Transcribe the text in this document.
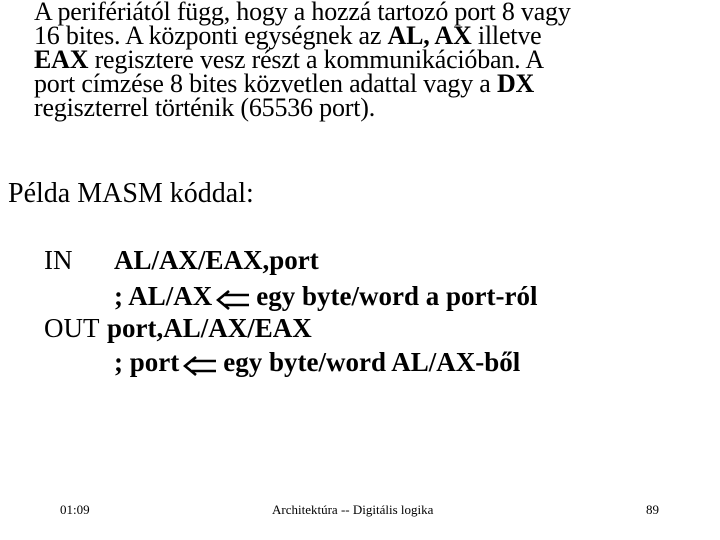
A perifériától függ, hogy a hozzá tartozó port 8 vagy
16 bites. A központi egységnek az AL, AX illetve
EAX regisztere vesz részt a kommunikációban. A
port címzése 8 bites közvetlen adattal vagy a DX
regiszterrel történik (65536 port).
Példa MASM kóddal:
IN AL/AX/EAX,port
; AL/AX egy byte/word a port-ról
OUT port,AL/AX/EAX
; port egy byte/word AL/AX-ből
01:09	Architektúra -- Digitális logika	89
